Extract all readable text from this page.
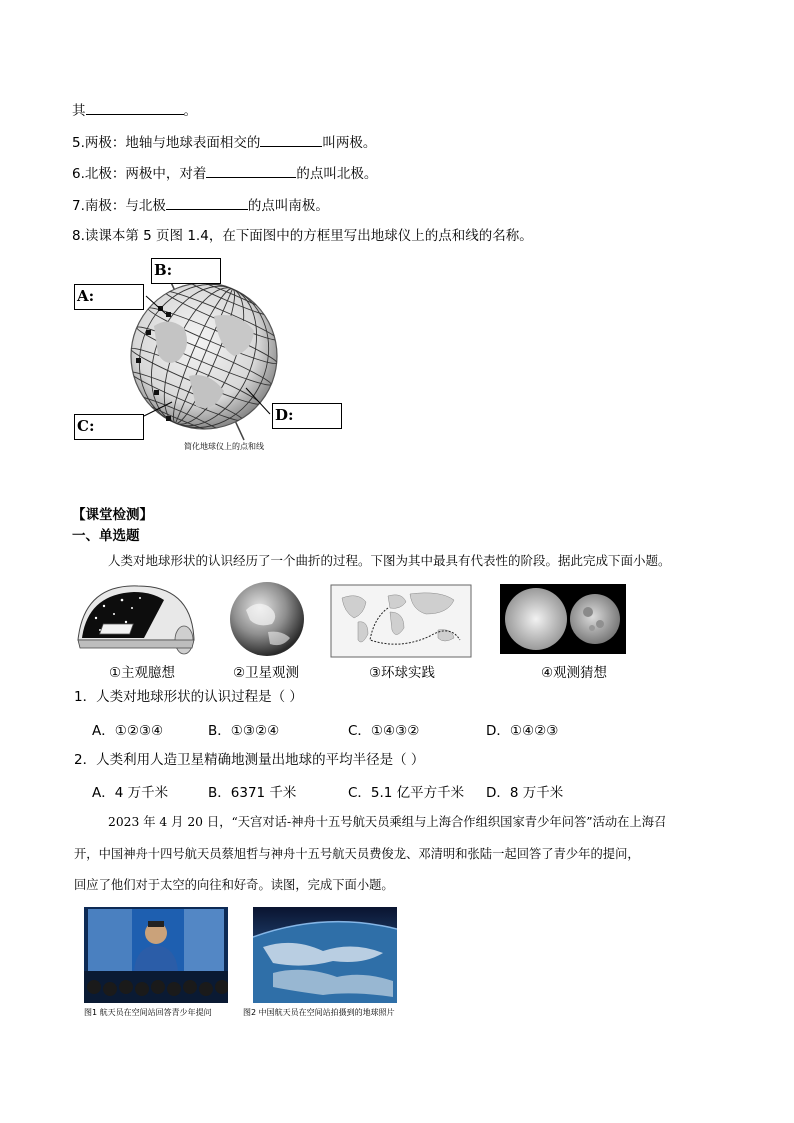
其	。
5.两极：地轴与地球表面相交的	叫两极。
6.北极：两极中，对着	的点叫北极。
7.南极：与北极	的点叫南极。
8.读课本第 5 页图 1.4，在下面图中的方框里写出地球仪上的点和线的名称。
B:
A:
C:
D:
简化地球仪上的点和线
【课堂检测】
一、单选题
人类对地球形状的认识经历了一个曲折的过程。下图为其中最具有代表性的阶段。据此完成下面小题。
①主观臆想	②卫星观测	③环球实践	④观测猜想
1．人类对地球形状的认识过程是（ ）
A．①②③④	B．①③②④	C．①④③②	D．①④②③
2．人类利用人造卫星精确地测量出地球的平均半径是（ ）
A．4 万千米	B．6371 千米	C．5.1 亿平方千米 D．8 万千米
2023 年 4 月 20 日，“天宫对话-神舟十五号航天员乘组与上海合作组织国家青少年问答”活动在上海召
开，中国神舟十四号航天员蔡旭哲与神舟十五号航天员费俊龙、邓清明和张陆一起回答了青少年的提问，
回应了他们对于太空的向往和好奇。读图，完成下面小题。
图1 航天员在空间站回答青少年提问	图2 中国航天员在空间站拍摄到的地球照片
